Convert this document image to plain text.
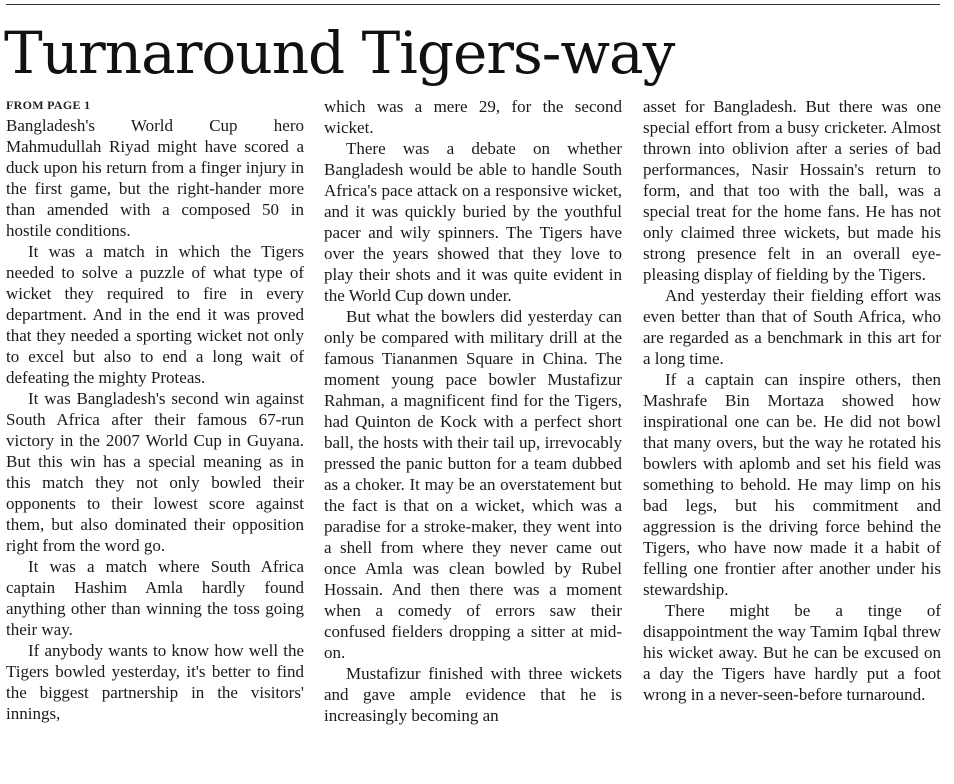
Turnaround Tigers-way
FROM PAGE 1

Bangladesh's World Cup hero Mahmudullah Riyad might have scored a duck upon his return from a finger injury in the first game, but the right-hander more than amended with a composed 50 in hostile conditions.

It was a match in which the Tigers needed to solve a puzzle of what type of wicket they required to fire in every department. And in the end it was proved that they needed a sporting wicket not only to excel but also to end a long wait of defeating the mighty Proteas.

It was Bangladesh's second win against South Africa after their famous 67-run victory in the 2007 World Cup in Guyana. But this win has a special meaning as in this match they not only bowled their opponents to their lowest score against them, but also dominated their opposition right from the word go.

It was a match where South Africa captain Hashim Amla hardly found anything other than winning the toss going their way.

If anybody wants to know how well the Tigers bowled yesterday, it's better to find the biggest partnership in the visitors' innings,

which was a mere 29, for the second wicket.

There was a debate on whether Bangladesh would be able to handle South Africa's pace attack on a responsive wicket, and it was quickly buried by the youthful pacer and wily spinners. The Tigers have over the years showed that they love to play their shots and it was quite evident in the World Cup down under.

But what the bowlers did yesterday can only be compared with military drill at the famous Tiananmen Square in China. The moment young pace bowler Mustafizur Rahman, a magnificent find for the Tigers, had Quinton de Kock with a perfect short ball, the hosts with their tail up, irrevocably pressed the panic button for a team dubbed as a choker. It may be an overstatement but the fact is that on a wicket, which was a paradise for a stroke-maker, they went into a shell from where they never came out once Amla was clean bowled by Rubel Hossain. And then there was a moment when a comedy of errors saw their confused fielders dropping a sitter at mid-on.

Mustafizur finished with three wickets and gave ample evidence that he is increasingly becoming an

asset for Bangladesh. But there was one special effort from a busy cricketer. Almost thrown into oblivion after a series of bad performances, Nasir Hossain's return to form, and that too with the ball, was a special treat for the home fans. He has not only claimed three wickets, but made his strong presence felt in an overall eye-pleasing display of fielding by the Tigers.

And yesterday their fielding effort was even better than that of South Africa, who are regarded as a benchmark in this art for a long time.

If a captain can inspire others, then Mashrafe Bin Mortaza showed how inspirational one can be. He did not bowl that many overs, but the way he rotated his bowlers with aplomb and set his field was something to behold. He may limp on his bad legs, but his commitment and aggression is the driving force behind the Tigers, who have now made it a habit of felling one frontier after another under his stewardship.

There might be a tinge of disappointment the way Tamim Iqbal threw his wicket away. But he can be excused on a day the Tigers have hardly put a foot wrong in a never-seen-before turnaround.
